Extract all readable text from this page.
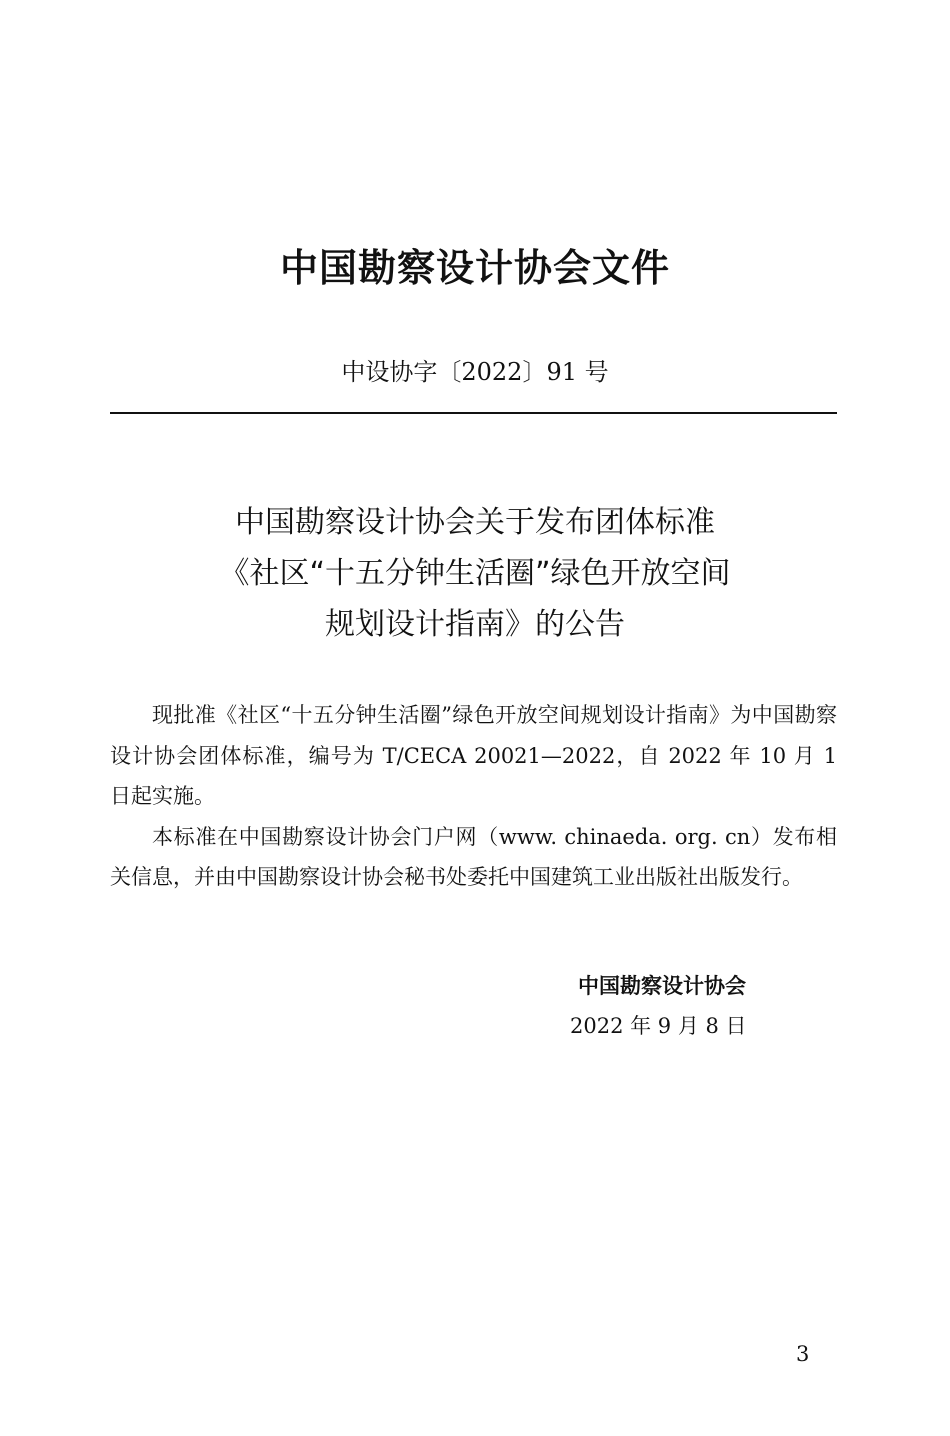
中国勘察设计协会文件
中设协字〔2022〕91 号
中国勘察设计协会关于发布团体标准
《社区“十五分钟生活圈”绿色开放空间
规划设计指南》的公告

现批准《社区“十五分钟生活圈”绿色开放空间规划设计指南》为中国勘察设计协会团体标准，编号为 T/CECA 20021—2022，自 2022 年 10 月 1 日起实施。

本标准在中国勘察设计协会门户网（www. chinaeda. org. cn）发布相关信息，并由中国勘察设计协会秘书处委托中国建筑工业出版社出版发行。

中国勘察设计协会
2022 年 9 月 8 日
3
